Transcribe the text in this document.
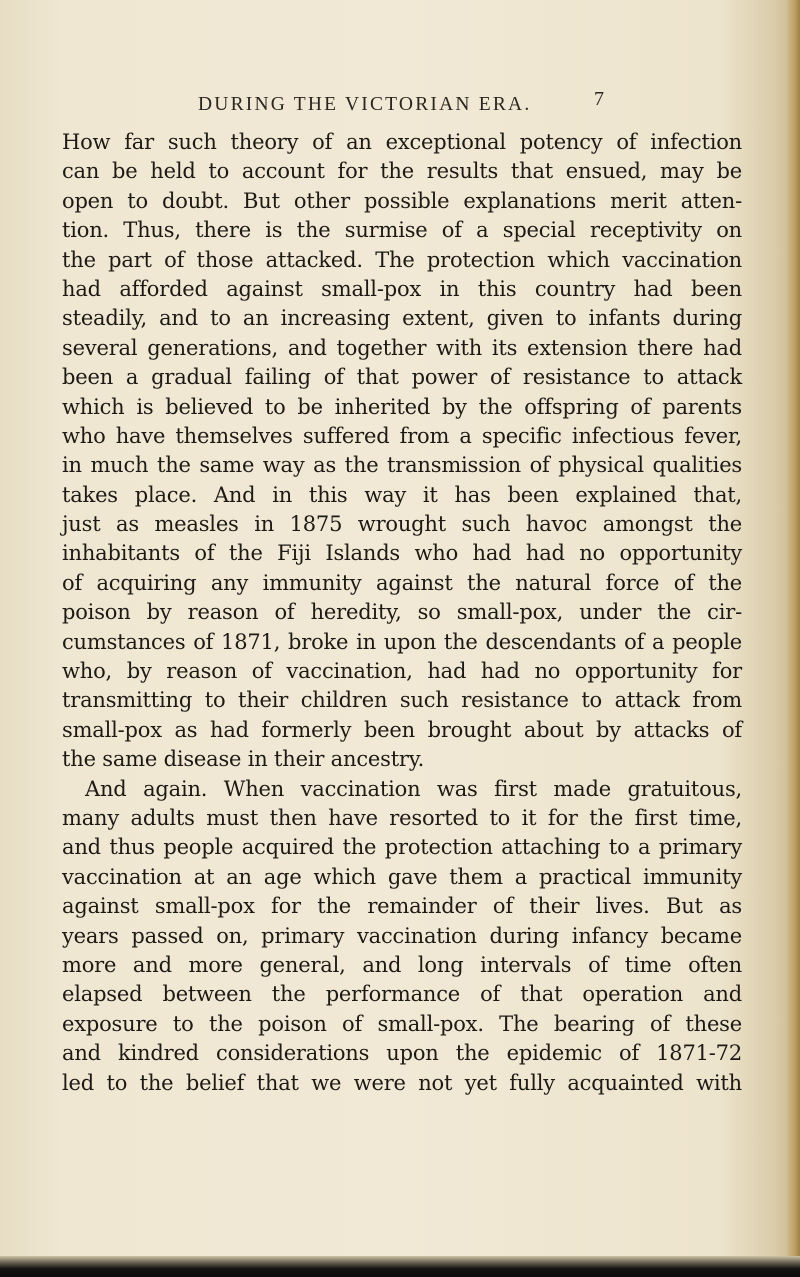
DURING THE VICTORIAN ERA.	7
How far such theory of an exceptional potency of infection
can be held to account for the results that ensued, may be
open to doubt. But other possible explanations merit atten-
tion. Thus, there is the surmise of a special receptivity on
the part of those attacked. The protection which vaccination
had afforded against small-pox in this country had been
steadily, and to an increasing extent, given to infants during
several generations, and together with its extension there had
been a gradual failing of that power of resistance to attack
which is believed to be inherited by the offspring of parents
who have themselves suffered from a specific infectious fever,
in much the same way as the transmission of physical qualities
takes place. And in this way it has been explained that,
just as measles in 1875 wrought such havoc amongst the
inhabitants of the Fiji Islands who had had no opportunity
of acquiring any immunity against the natural force of the
poison by reason of heredity, so small-pox, under the cir-
cumstances of 1871, broke in upon the descendants of a people
who, by reason of vaccination, had had no opportunity for
transmitting to their children such resistance to attack from
small-pox as had formerly been brought about by attacks of
the same disease in their ancestry.
And again. When vaccination was first made gratuitous,
many adults must then have resorted to it for the first time,
and thus people acquired the protection attaching to a primary
vaccination at an age which gave them a practical immunity
against small-pox for the remainder of their lives. But as
years passed on, primary vaccination during infancy became
more and more general, and long intervals of time often
elapsed between the performance of that operation and
exposure to the poison of small-pox. The bearing of these
and kindred considerations upon the epidemic of 1871-72
led to the belief that we were not yet fully acquainted with
